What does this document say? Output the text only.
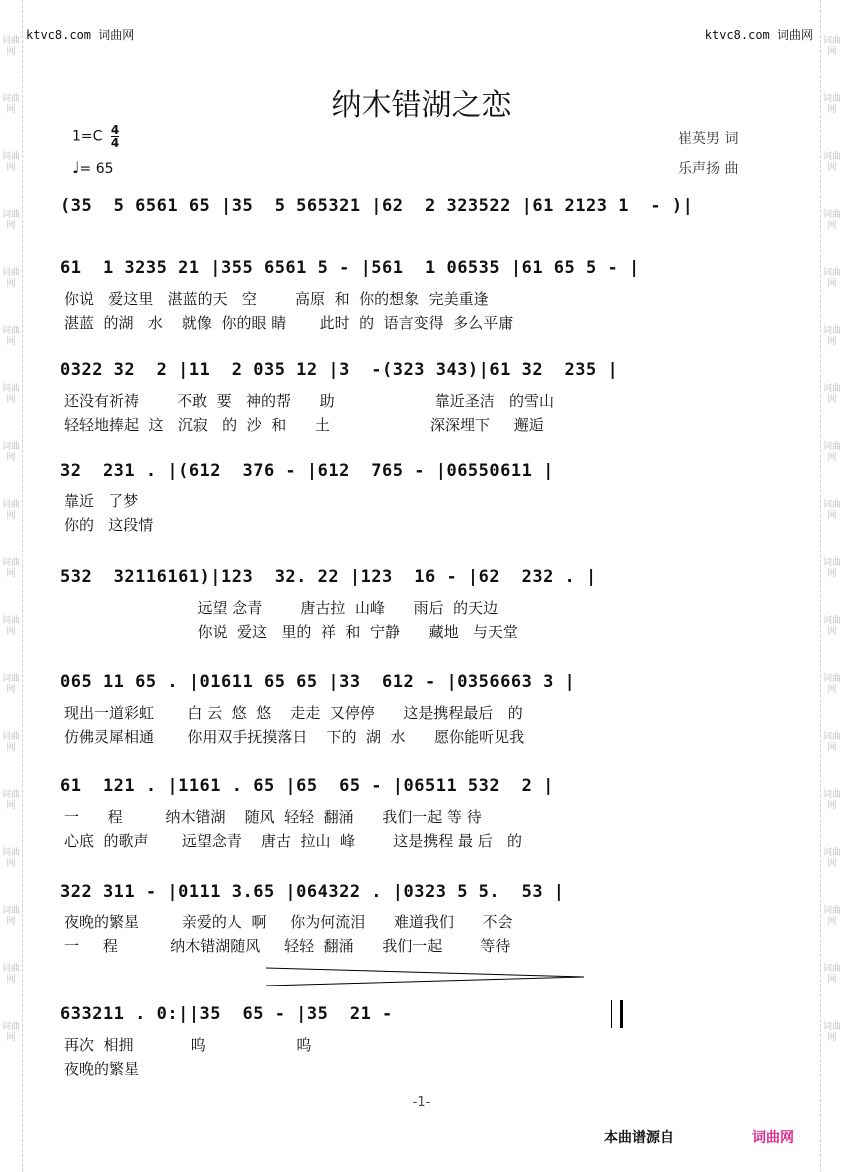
词曲网
词曲网
词曲网
词曲网
词曲网
词曲网
词曲网
词曲网
词曲网
词曲网
词曲网
词曲网
词曲网
词曲网
词曲网
词曲网
词曲网
词曲网
词曲网
词曲网
词曲网
词曲网
词曲网
词曲网
词曲网
词曲网
词曲网
词曲网
词曲网
词曲网
词曲网
词曲网
词曲网
词曲网
词曲网
词曲网
ktvc8.com 词曲网	ktvc8.com 词曲网
纳木错湖之恋
$1=C \frac{4}{4}$
♩= 65
崔英男 词
乐声扬 曲
(35  5 6561 65 |35  5 565321 |62  2 323522 |61 2123 1  - )|
61  1 3235 21 |355 6561 5 - |561  1 06535 |61 65 5 - |
你说   爱这里   湛蓝的天   空        高原  和  你的想象  完美重逢
湛蓝  的湖   水    就像  你的眼 睛       此时  的  语言变得  多么平庸
0322 32  2 |11  2 035 12 |3  -(323 343)|61 32  235 |
还没有祈祷        不敢  要   神的帮      助                     靠近圣洁   的雪山
轻轻地捧起  这   沉寂   的  沙  和      土                     深深埋下     邂逅
32  231 . |(612  376 - |612  765 - |06550611 |
靠近   了梦
你的   这段情
532  32116161)|123  32. 22 |123  16 - |62  232 . |
远望 念青        唐古拉  山峰      雨后  的天边
你说  爱这   里的  祥  和  宁静      藏地   与天堂
065 11 65 . |01611 65 65 |33  612 - |0356663 3 |
现出一道彩虹       白 云  悠  悠    走走  又停停      这是携程最后   的
仿佛灵犀相通       你用双手抚摸落日    下的  湖  水      愿你能听见我
61  121 . |1161 . 65 |65  65 - |06511 532  2 |
一      程         纳木错湖    随风  轻轻  翻涌      我们一起 等 待
心底  的歌声       远望念青    唐古  拉山  峰        这是携程 最 后   的
322 311 - |0111 3.65 |064322 . |0323 5 5.  53 |
夜晚的繁星         亲爱的人  啊     你为何流泪      难道我们      不会
一     程           纳木错湖随风     轻轻  翻涌      我们一起        等待
633211 . 0:||35  65 - |35  21 -
再次  相拥            呜                   呜
夜晚的繁星
-1-
本曲谱源自	词曲网
